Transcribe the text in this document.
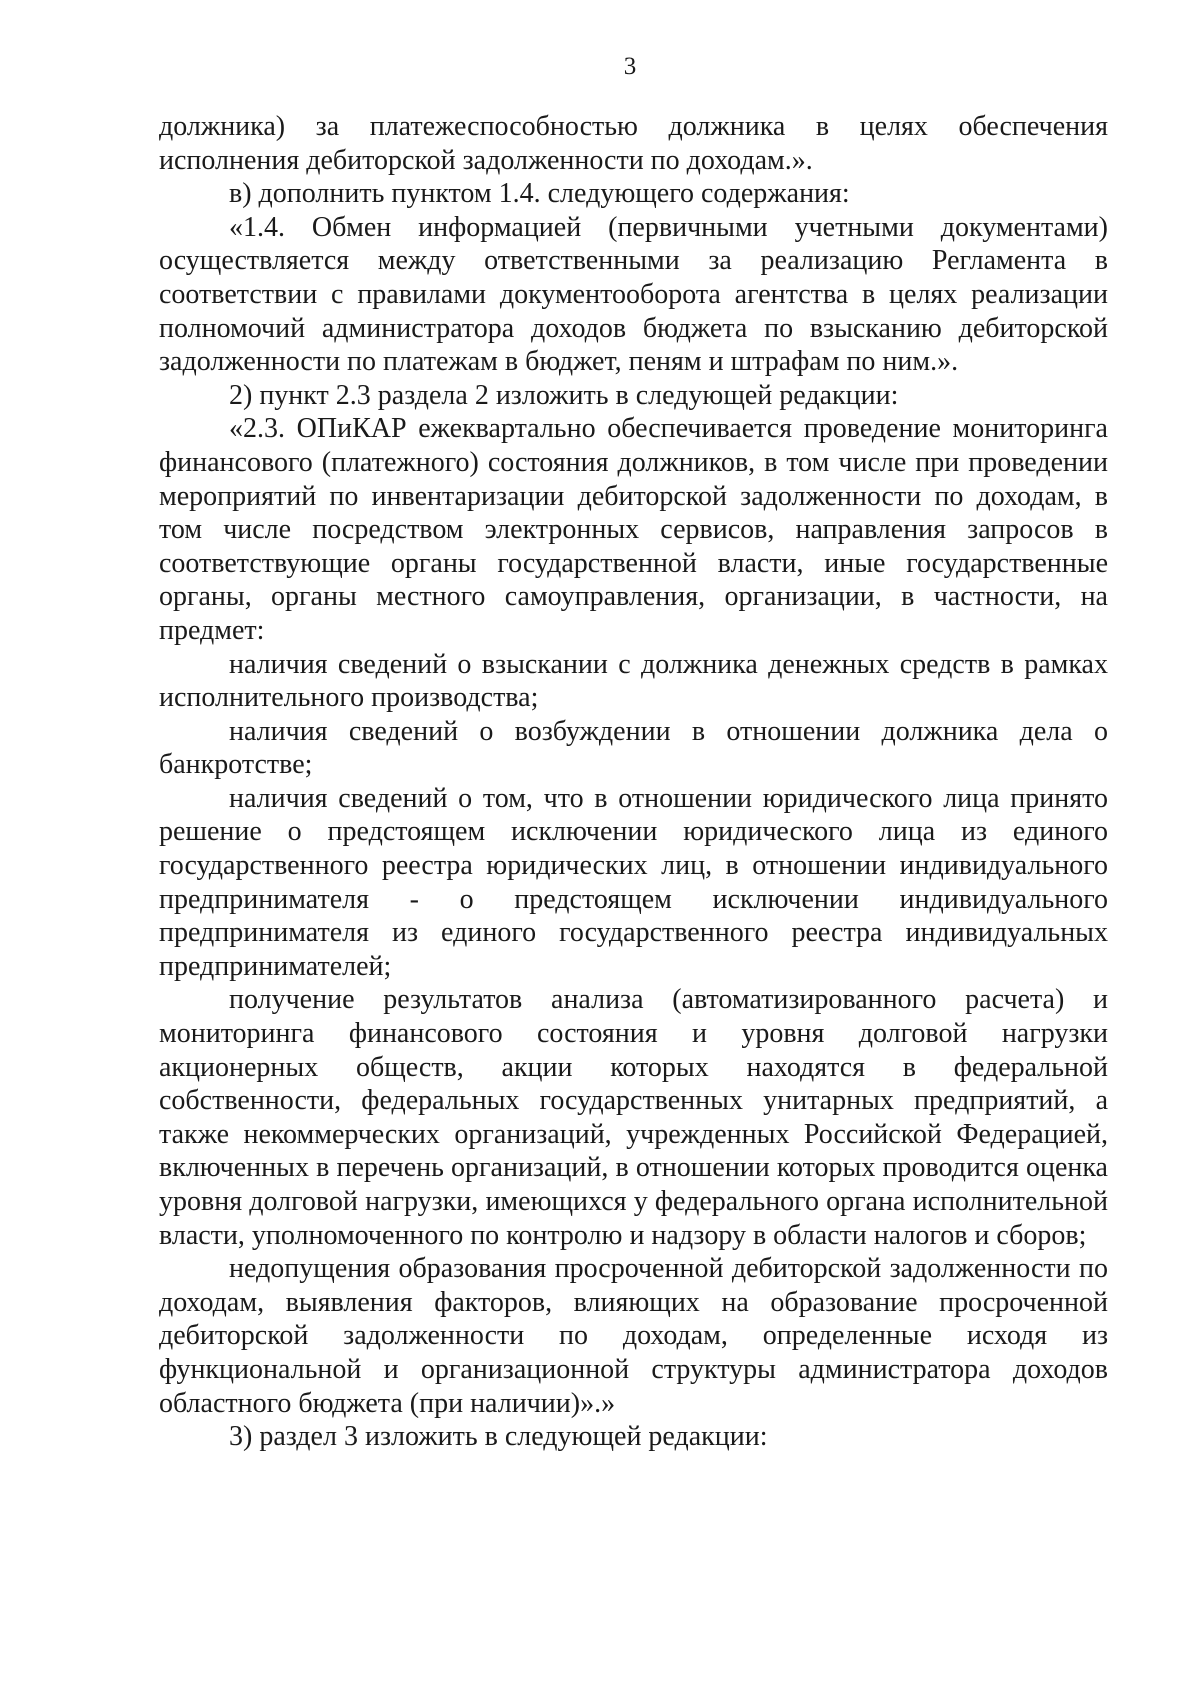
3

должника) за платежеспособностью должника в целях обеспечения исполнения дебиторской задолженности по доходам.».

в) дополнить пунктом 1.4. следующего содержания:

«1.4. Обмен информацией (первичными учетными документами) осуществляется между ответственными за реализацию Регламента в соответствии с правилами документооборота агентства в целях реализации полномочий администратора доходов бюджета по взысканию дебиторской задолженности по платежам в бюджет, пеням и штрафам по ним.».

2) пункт 2.3 раздела 2 изложить в следующей редакции:

«2.3. ОПиКАР ежеквартально обеспечивается проведение мониторинга финансового (платежного) состояния должников, в том числе при проведении мероприятий по инвентаризации дебиторской задолженности по доходам, в том числе посредством электронных сервисов, направления запросов в соответствующие органы государственной власти, иные государственные органы, органы местного самоуправления, организации, в частности, на предмет:

наличия сведений о взыскании с должника денежных средств в рамках исполнительного производства;

наличия сведений о возбуждении в отношении должника дела о банкротстве;

наличия сведений о том, что в отношении юридического лица принято решение о предстоящем исключении юридического лица из единого государственного реестра юридических лиц, в отношении индивидуального предпринимателя - о предстоящем исключении индивидуального предпринимателя из единого государственного реестра индивидуальных предпринимателей;

получение результатов анализа (автоматизированного расчета) и мониторинга финансового состояния и уровня долговой нагрузки акционерных обществ, акции которых находятся в федеральной собственности, федеральных государственных унитарных предприятий, а также некоммерческих организаций, учрежденных Российской Федерацией, включенных в перечень организаций, в отношении которых проводится оценка уровня долговой нагрузки, имеющихся у федерального органа исполнительной власти, уполномоченного по контролю и надзору в области налогов и сборов;

недопущения образования просроченной дебиторской задолженности по доходам, выявления факторов, влияющих на образование просроченной дебиторской задолженности по доходам, определенные исходя из функциональной и организационной структуры администратора доходов областного бюджета (при наличии)».»

3) раздел 3 изложить в следующей редакции:
